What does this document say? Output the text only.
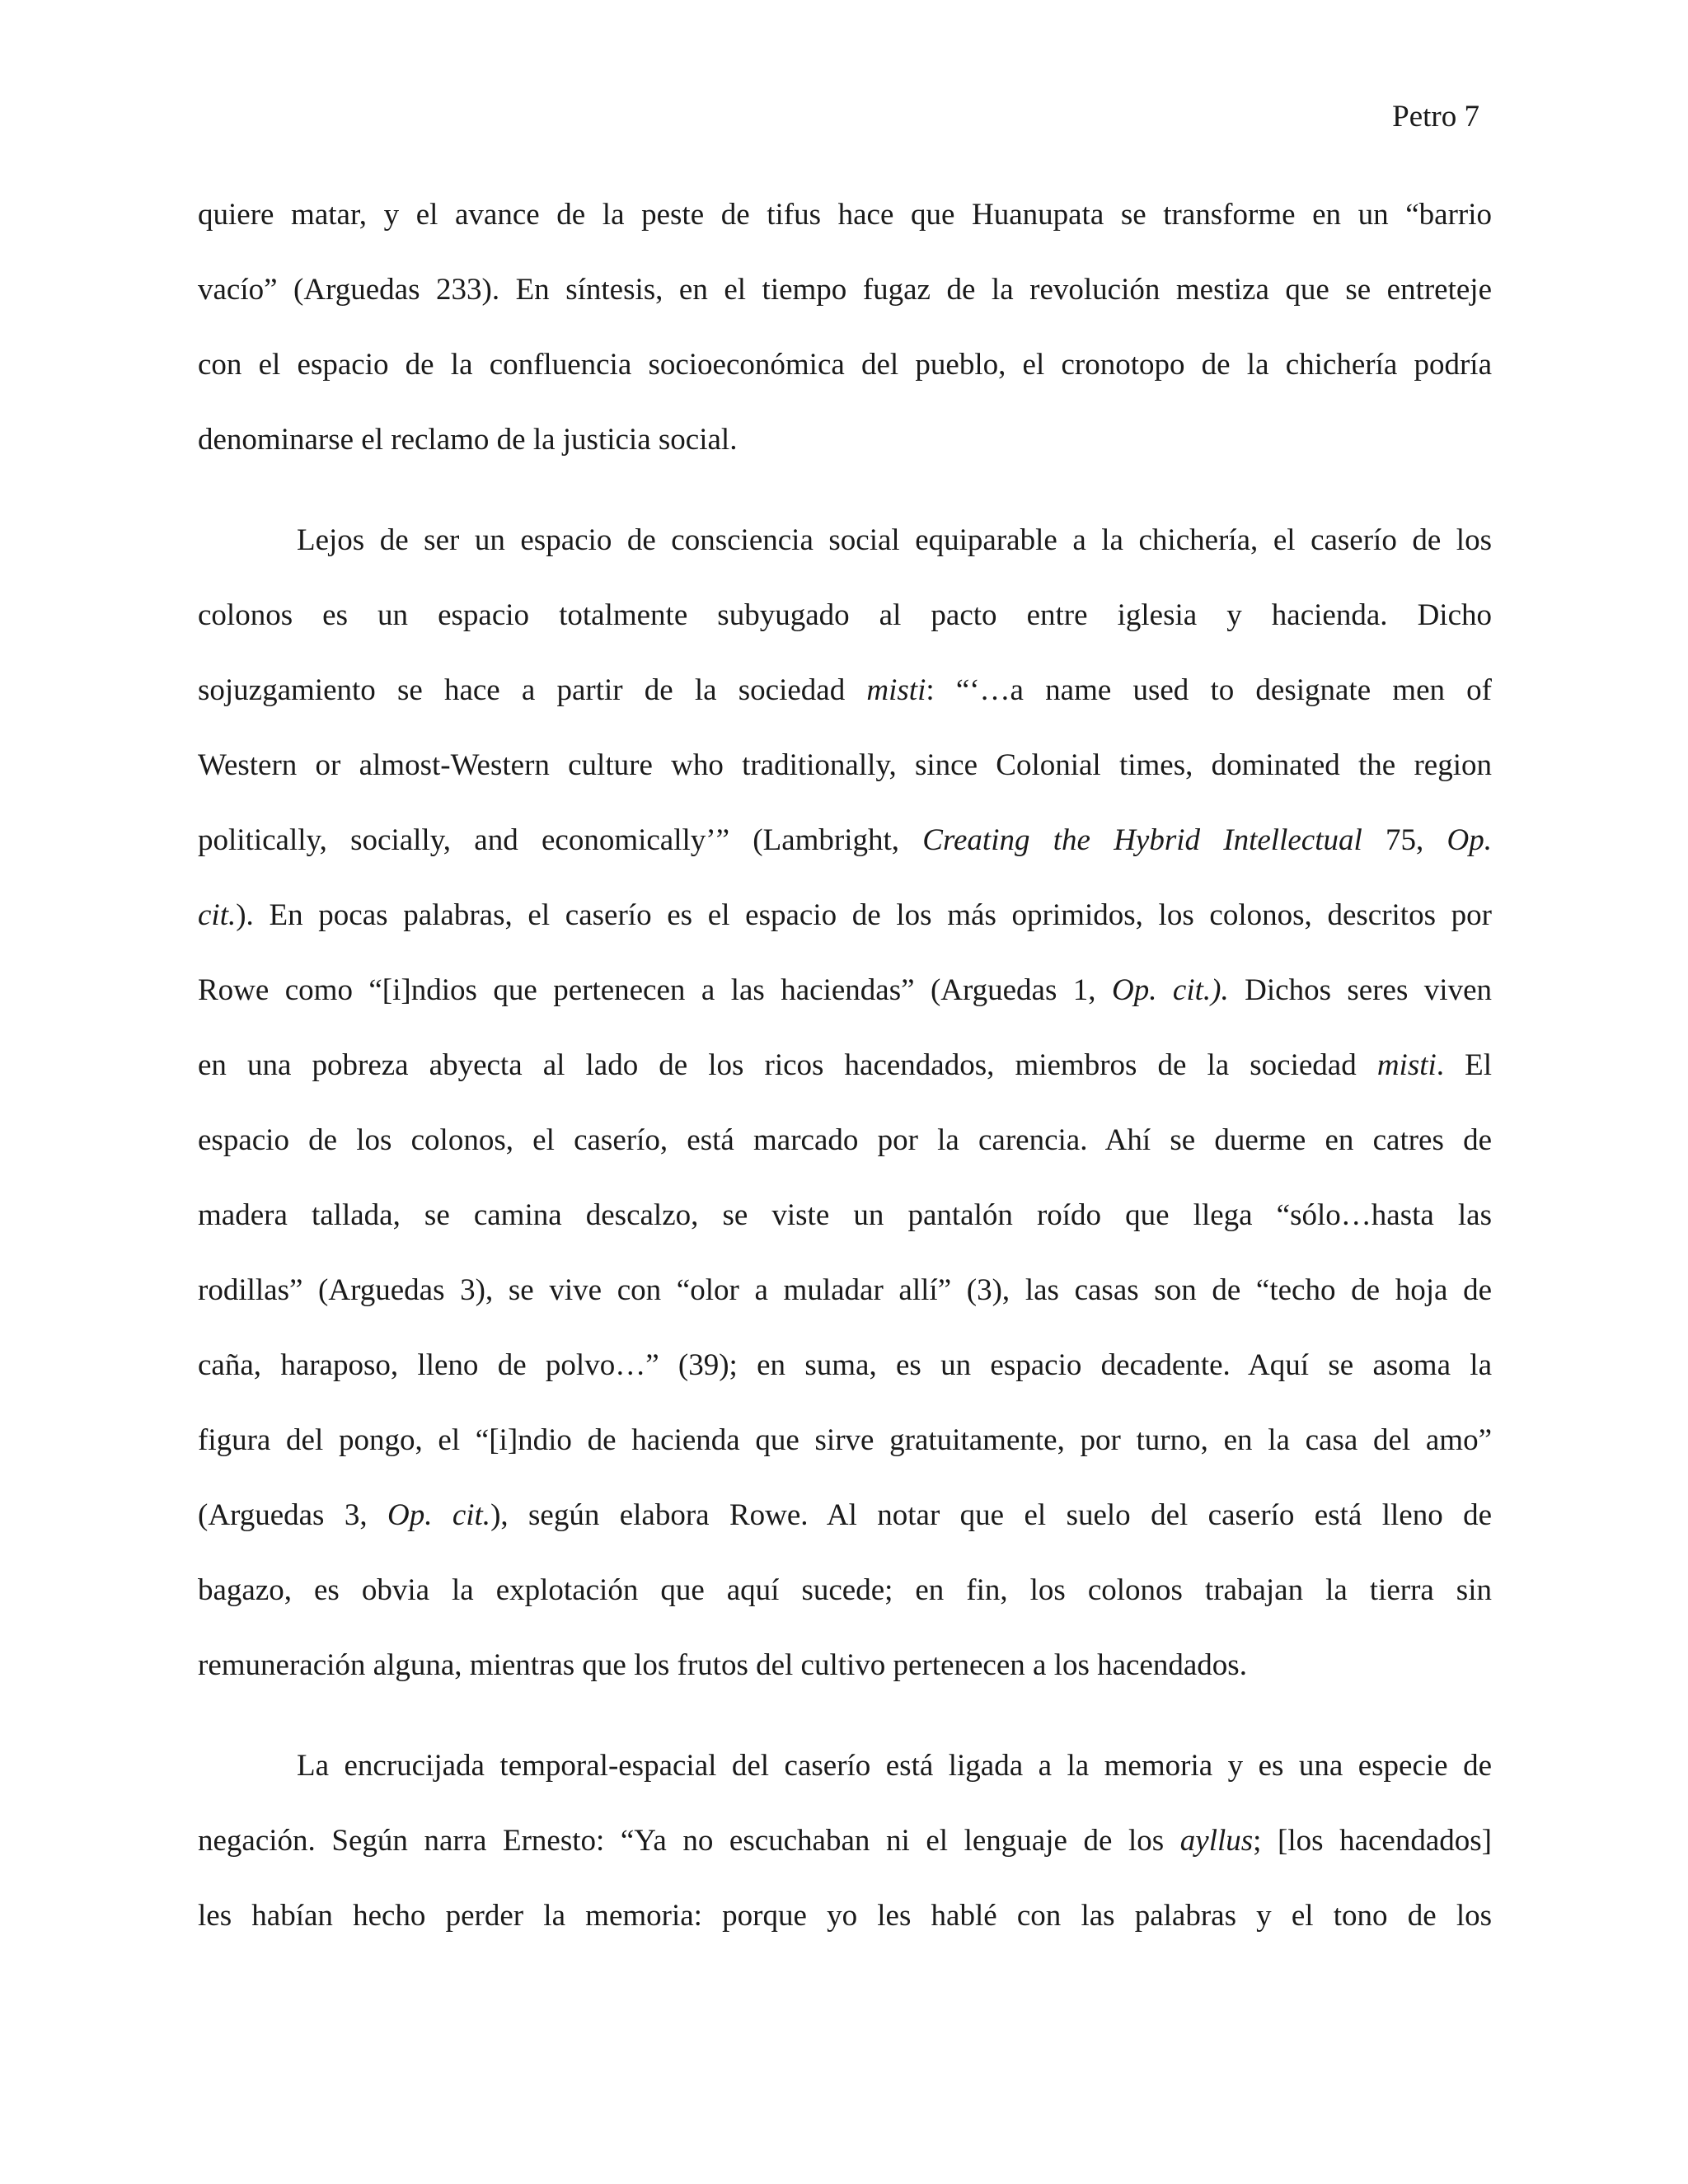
Petro 7

quiere matar, y el avance de la peste de tifus hace que Huanupata se transforme en un “barrio

vacío” (Arguedas 233). En síntesis, en el tiempo fugaz de la revolución mestiza que se entreteje

con el espacio de la confluencia socioeconómica del pueblo, el cronotopo de la chichería podría

denominarse el reclamo de la justicia social.

Lejos de ser un espacio de consciencia social equiparable a la chichería, el caserío de los

colonos es un espacio totalmente subyugado al pacto entre iglesia y hacienda. Dicho

sojuzgamiento se hace a partir de la sociedad misti: “‘…a name used to designate men of

Western or almost-Western culture who traditionally, since Colonial times, dominated the region

politically, socially, and economically’” (Lambright, Creating the Hybrid Intellectual 75, Op.

cit.). En pocas palabras, el caserío es el espacio de los más oprimidos, los colonos, descritos por

Rowe como “[i]ndios que pertenecen a las haciendas” (Arguedas 1, Op. cit.). Dichos seres viven

en una pobreza abyecta al lado de los ricos hacendados, miembros de la sociedad misti. El

espacio de los colonos, el caserío, está marcado por la carencia. Ahí se duerme en catres de

madera tallada, se camina descalzo, se viste un pantalón roído que llega “sólo…hasta las

rodillas” (Arguedas 3), se vive con “olor a muladar allí” (3), las casas son de “techo de hoja de

caña, haraposo, lleno de polvo…” (39); en suma, es un espacio decadente. Aquí se asoma la

figura del pongo, el “[i]ndio de hacienda que sirve gratuitamente, por turno, en la casa del amo”

(Arguedas 3, Op. cit.), según elabora Rowe. Al notar que el suelo del caserío está lleno de

bagazo, es obvia la explotación que aquí sucede; en fin, los colonos trabajan la tierra sin

remuneración alguna, mientras que los frutos del cultivo pertenecen a los hacendados.

La encrucijada temporal-espacial del caserío está ligada a la memoria y es una especie de

negación. Según narra Ernesto: “Ya no escuchaban ni el lenguaje de los ayllus; [los hacendados]

les habían hecho perder la memoria: porque yo les hablé con las palabras y el tono de los
